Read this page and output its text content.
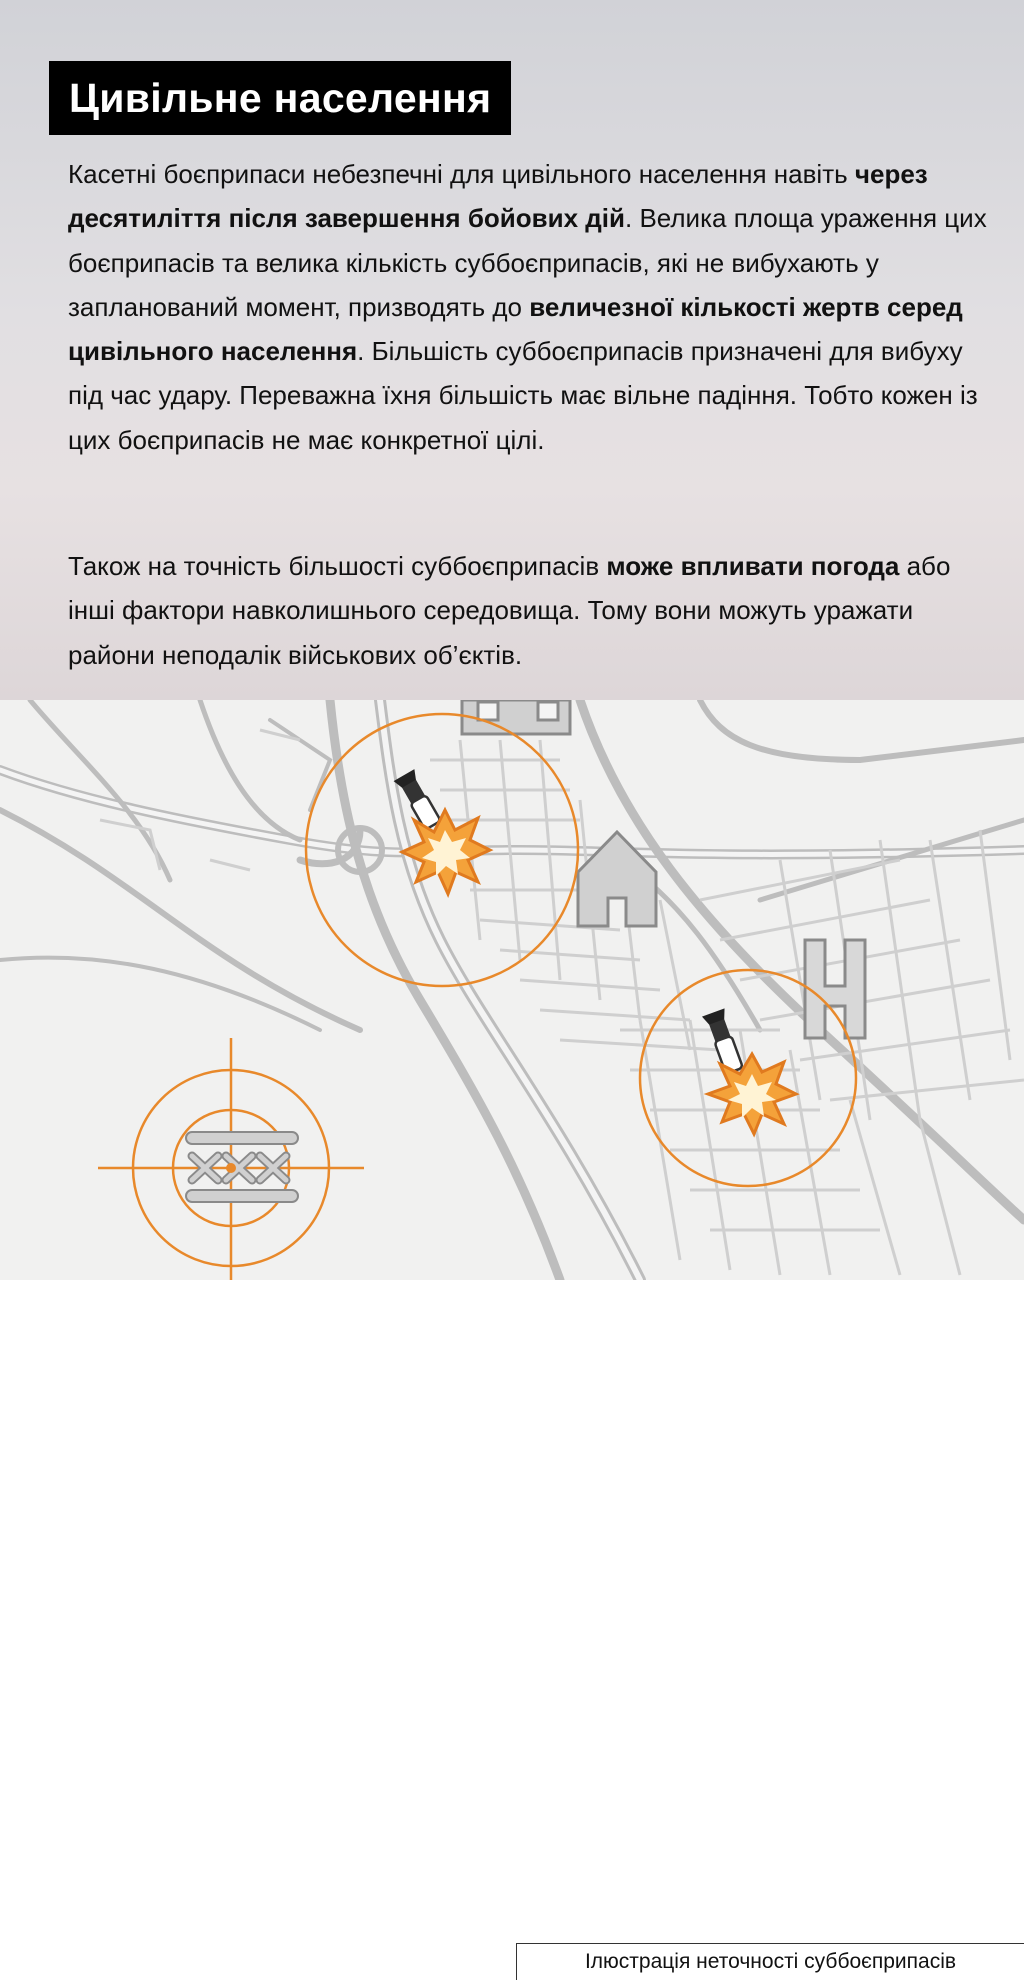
Цивільне населення

Касетні боєприпаси небезпечні для цивільного населення навіть через десятиліття після завершення бойових дій. Велика площа ураження цих боєприпасів та велика кількість суббоєприпасів, які не вибухають у запланований момент, призводять до величезної кількості жертв серед цивільного населення. Більшість суббоєприпасів призначені для вибуху під час удару. Переважна їхня більшість має вільне падіння. Тобто кожен із цих боєприпасів не має конкретної цілі.

Також на точність більшості суббоєприпасів може впливати погода або інші фактори навколишнього середовища. Тому вони можуть уражати райони неподалік військових об’єктів.

Ілюстрація неточності суббоєприпасів
